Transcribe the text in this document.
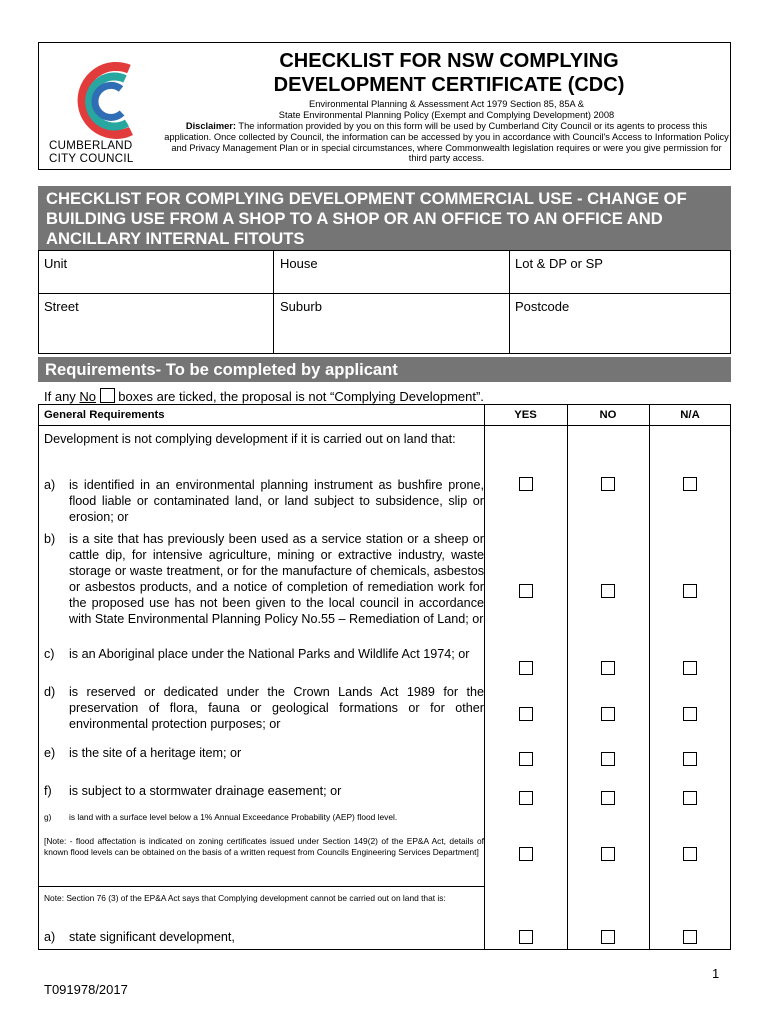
CUMBERLAND
CITY COUNCIL
CHECKLIST FOR NSW COMPLYING
DEVELOPMENT CERTIFICATE (CDC)
Environmental Planning & Assessment Act 1979 Section 85, 85A &
State Environmental Planning Policy (Exempt and Complying Development) 2008
Disclaimer: The information provided by you on this form will be used by Cumberland City Council or its agents to process this application. Once collected by Council, the information can be accessed by you in accordance with Council's Access to Information Policy and Privacy Management Plan or in special circumstances, where Commonwealth legislation requires or were you give permission for third party access.
CHECKLIST FOR COMPLYING DEVELOPMENT COMMERCIAL USE - CHANGE OF BUILDING USE FROM A SHOP TO A SHOP OR AN OFFICE TO AN OFFICE AND ANCILLARY INTERNAL FITOUTS
Unit	House	Lot & DP or SP
Street	Suburb	Postcode
Requirements- To be completed by applicant
If any No  boxes are ticked, the proposal is not “Complying Development”.
General Requirements	YES	NO	N/A
Development is not complying development if it is carried out on land that:
a) is identified in an environmental planning instrument as bushfire prone, flood liable or contaminated land, or land subject to subsidence, slip or erosion; or
b) is a site that has previously been used as a service station or a sheep or cattle dip, for intensive agriculture, mining or extractive industry, waste storage or waste treatment, or for the manufacture of chemicals, asbestos or asbestos products, and a notice of completion of remediation work for the proposed use has not been given to the local council in accordance with State Environmental Planning Policy No.55 – Remediation of Land; or
c) is an Aboriginal place under the National Parks and Wildlife Act 1974; or
d) is reserved or dedicated under the Crown Lands Act 1989 for the preservation of flora, fauna or geological formations or for other environmental protection purposes; or
e) is the site of a heritage item; or
f) is subject to a stormwater drainage easement; or
g) is land with a surface level below a 1% Annual Exceedance Probability (AEP) flood level.
[Note: - flood affectation is indicated on zoning certificates issued under Section 149(2) of the EP&A Act, details of known flood levels can be obtained on the basis of a written request from Councils Engineering Services Department]
Note: Section 76 (3) of the EP&A Act says that Complying development cannot be carried out on land that is:
a) state significant development,
1
T091978/2017
